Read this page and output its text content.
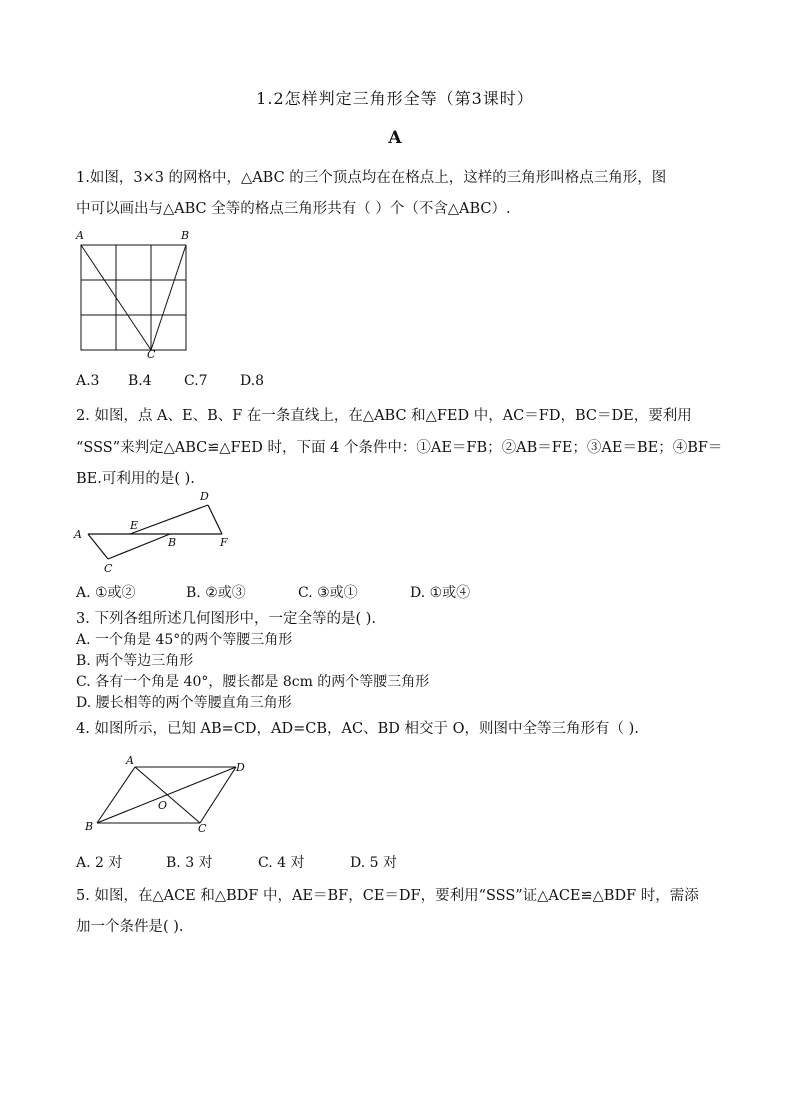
1.2怎样判定三角形全等（第3课时）
A
1.如图，3×3 的网格中，△ABC 的三个顶点均在在格点上，这样的三角形叫格点三角形，图
中可以画出与△ABC 全等的格点三角形共有（ ）个（不含△ABC）.
A	B
C
A.3 B.4 C.7 D.8
2. 如图，点 A、E、B、F 在一条直线上，在△ABC 和△FED 中，AC＝FD，BC＝DE，要利用
“SSS”来判定△ABC≌△FED 时，下面 4 个条件中：①AE＝FB；②AB＝FE；③AE＝BE；④BF＝
BE.可利用的是( ).
A
E
B	F
C
D
A. ①或②	B. ②或③	C. ③或①	D. ①或④
3. 下列各组所述几何图形中，一定全等的是( ).
A. 一个角是 45°的两个等腰三角形
B. 两个等边三角形
C. 各有一个角是 40°，腰长都是 8cm 的两个等腰三角形
D. 腰长相等的两个等腰直角三角形
4. 如图所示，已知 AB=CD，AD=CB，AC、BD 相交于 O，则图中全等三角形有（ ).
A
D
O
B	C
A. 2 对	B. 3 对	C. 4 对	D. 5 对
5. 如图，在△ACE 和△BDF 中，AE＝BF，CE＝DF，要利用“SSS”证△ACE≌△BDF 时，需添
加一个条件是( ).
